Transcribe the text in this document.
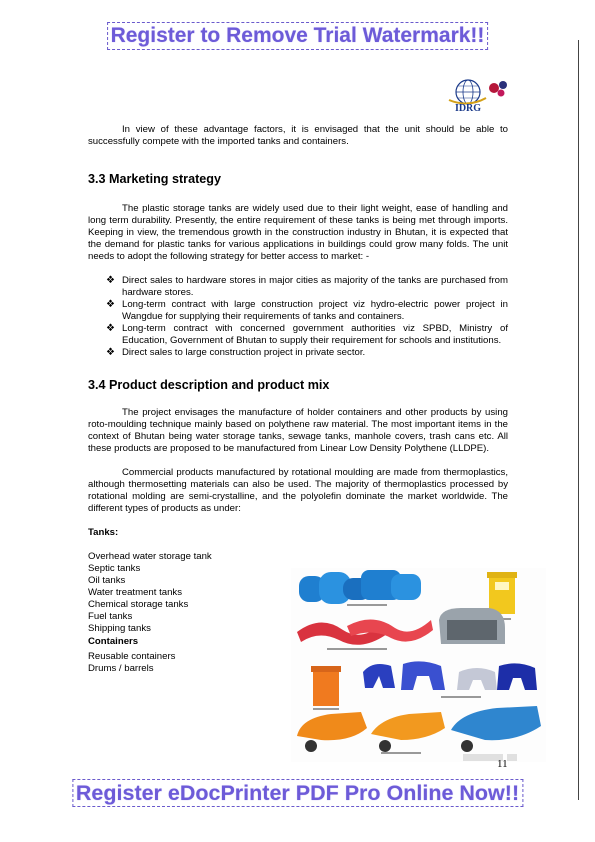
Register to Remove Trial Watermark!!
Register eDocPrinter PDF Pro Online Now!!
IDRG

In view of these advantage factors, it is envisaged that the unit should be able to successfully compete with the imported tanks and containers.

3.3 Marketing strategy

The plastic storage tanks are widely used due to their light weight, ease of handling and long term durability. Presently, the entire requirement of these tanks is being met through imports. Keeping in view, the tremendous growth in the construction industry in Bhutan, it is expected that the demand for plastic tanks for various applications in buildings could grow many folds. The unit needs to adopt the following strategy for better access to market: -

❖ Direct sales to hardware stores in major cities as majority of the tanks are purchased from hardware stores.
❖ Long-term contract with large construction project viz hydro-electric power project in Wangdue for supplying their requirements of tanks and containers.
❖ Long-term contract with concerned government authorities viz SPBD, Ministry of Education, Government of Bhutan to supply their requirement for schools and institutions.
❖ Direct sales to large construction project in private sector.
3.4 Product description and product mix

The project envisages the manufacture of holder containers and other products by using roto-moulding technique mainly based on polythene raw material. The most important items in the context of Bhutan being water storage tanks, sewage tanks, manhole covers, trash cans etc. All these products are proposed to be manufactured from Linear Low Density Polythene (LLDPE).

Commercial products manufactured by rotational moulding are made from thermoplastics, although thermosetting materials can also be used. The majority of thermoplastics processed by rotational molding are semi-crystalline, and the polyolefin dominate the market worldwide. The different types of products as under:

Tanks:
Overhead water storage tank
Septic tanks
Oil tanks
Water treatment tanks
Chemical storage tanks
Fuel tanks
Shipping tanks
Containers
Reusable containers
Drums / barrels
11
